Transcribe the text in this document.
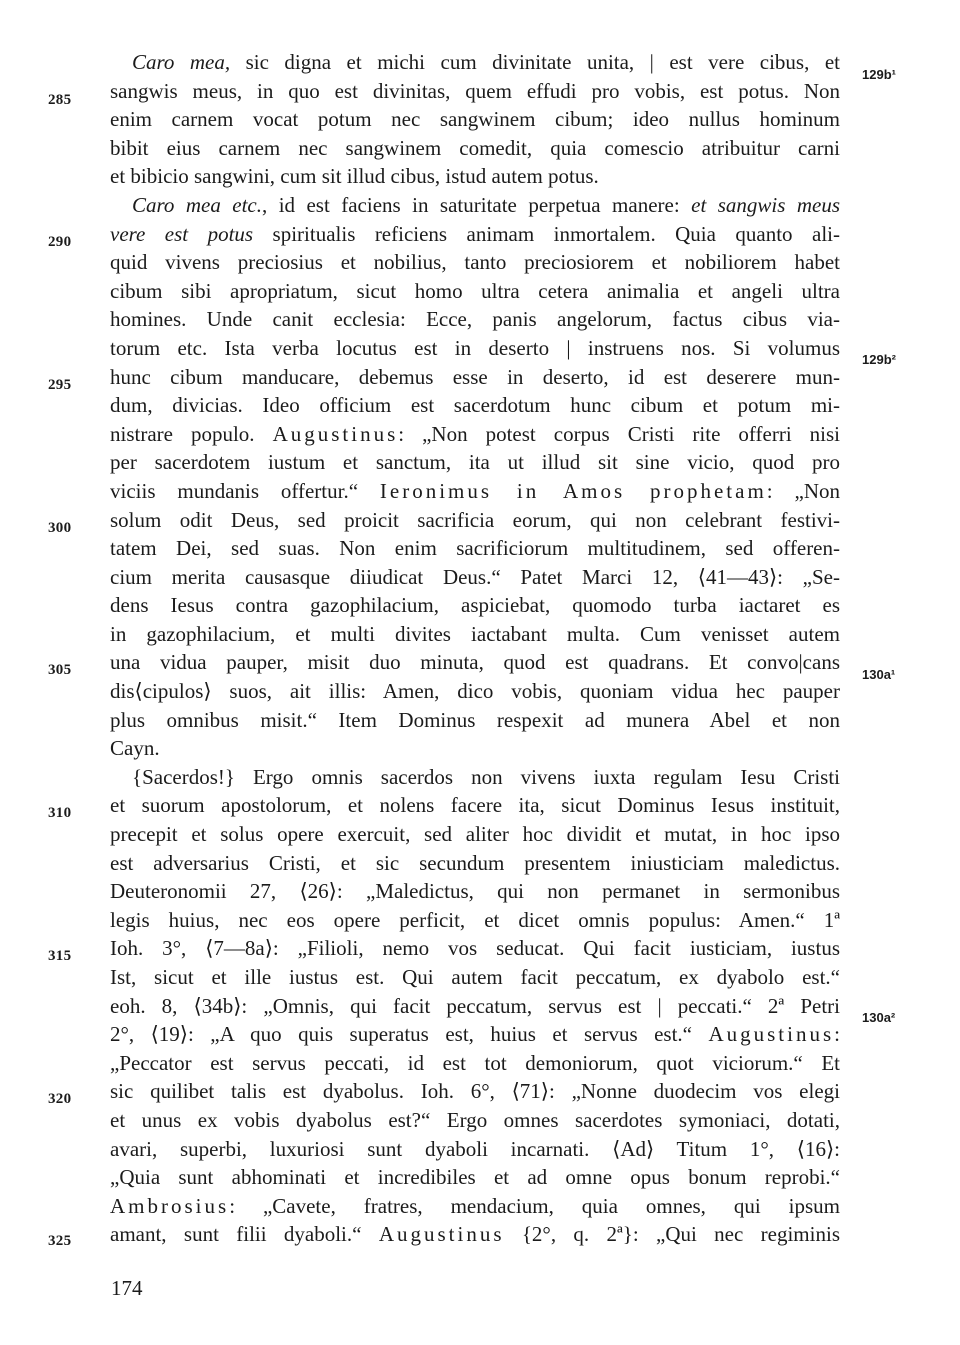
Caro mea, sic digna et michi cum divinitate unita, | est vere cibus, et
sangwis meus, in quo est divinitas, quem effudi pro vobis, est potus. Non
enim carnem vocat potum nec sangwinem cibum; ideo nullus hominum
bibit eius carnem nec sangwinem comedit, quia comescio atribuitur carni
et bibicio sangwini, cum sit illud cibus, istud autem potus.
Caro mea etc., id est faciens in saturitate perpetua manere: et sangwis meus
vere est potus spiritualis reficiens animam inmortalem. Quia quanto ali-
quid vivens preciosius et nobilius, tanto preciosiorem et nobiliorem habet
cibum sibi apropriatum, sicut homo ultra cetera animalia et angeli ultra
homines. Unde canit ecclesia: Ecce, panis angelorum, factus cibus via-
torum etc. Ista verba locutus est in deserto | instruens nos. Si volumus
hunc cibum manducare, debemus esse in deserto, id est deserere mun-
dum, divicias. Ideo officium est sacerdotum hunc cibum et potum mi-
nistrare populo. Augustinus: „Non potest corpus Cristi rite offerri nisi
per sacerdotem iustum et sanctum, ita ut illud sit sine vicio, quod pro
viciis mundanis offertur.“ Ieronimus in Amos prophetam: „Non
solum odit Deus, sed proicit sacrificia eorum, qui non celebrant festivi-
tatem Dei, sed suas. Non enim sacrificiorum multitudinem, sed offeren-
cium merita causasque diiudicat Deus.“ Patet Marci 12, ⟨41—43⟩: „Se-
dens Iesus contra gazophilacium, aspiciebat, quomodo turba iactaret es
in gazophilacium, et multi divites iactabant multa. Cum venisset autem
una vidua pauper, misit duo minuta, quod est quadrans. Et convo|cans
dis⟨cipulos⟩ suos, ait illis: Amen, dico vobis, quoniam vidua hec pauper
plus omnibus misit.“ Item Dominus respexit ad munera Abel et non
Cayn.
{Sacerdos!} Ergo omnis sacerdos non vivens iuxta regulam Iesu Cristi
et suorum apostolorum, et nolens facere ita, sicut Dominus Iesus instituit,
precepit et solus opere exercuit, sed aliter hoc dividit et mutat, in hoc ipso
est adversarius Cristi, et sic secundum presentem iniusticiam maledictus.
Deuteronomii 27, ⟨26⟩: „Maledictus, qui non permanet in sermonibus
legis huius, nec eos opere perficit, et dicet omnis populus: Amen.“ 1ª
Ioh. 3°, ⟨7—8a⟩: „Filioli, nemo vos seducat. Qui facit iusticiam, iustus
Ist, sicut et ille iustus est. Qui autem facit peccatum, ex dyabolo est.“
eoh. 8, ⟨34b⟩: „Omnis, qui facit peccatum, servus est | peccati.“ 2ª Petri
2°, ⟨19⟩: „A quo quis superatus est, huius et servus est.“ Augustinus:
„Peccator est servus peccati, id est tot demoniorum, quot viciorum.“ Et
sic quilibet talis est dyabolus. Ioh. 6°, ⟨71⟩: „Nonne duodecim vos elegi
et unus ex vobis dyabolus est?“ Ergo omnes sacerdotes symoniaci, dotati,
avari, superbi, luxuriosi sunt dyaboli incarnati. ⟨Ad⟩ Titum 1°, ⟨16⟩:
„Quia sunt abhominati et incredibiles et ad omne opus bonum reprobi.“
Ambrosius: „Cavete, fratres, mendacium, quia omnes, qui ipsum
amant, sunt filii dyaboli.“ Augustinus {2°, q. 2ª}: „Qui nec regiminis
285
290
295
300
305
310
315
320
325
129b¹
129b²
130a¹
130a²
174
